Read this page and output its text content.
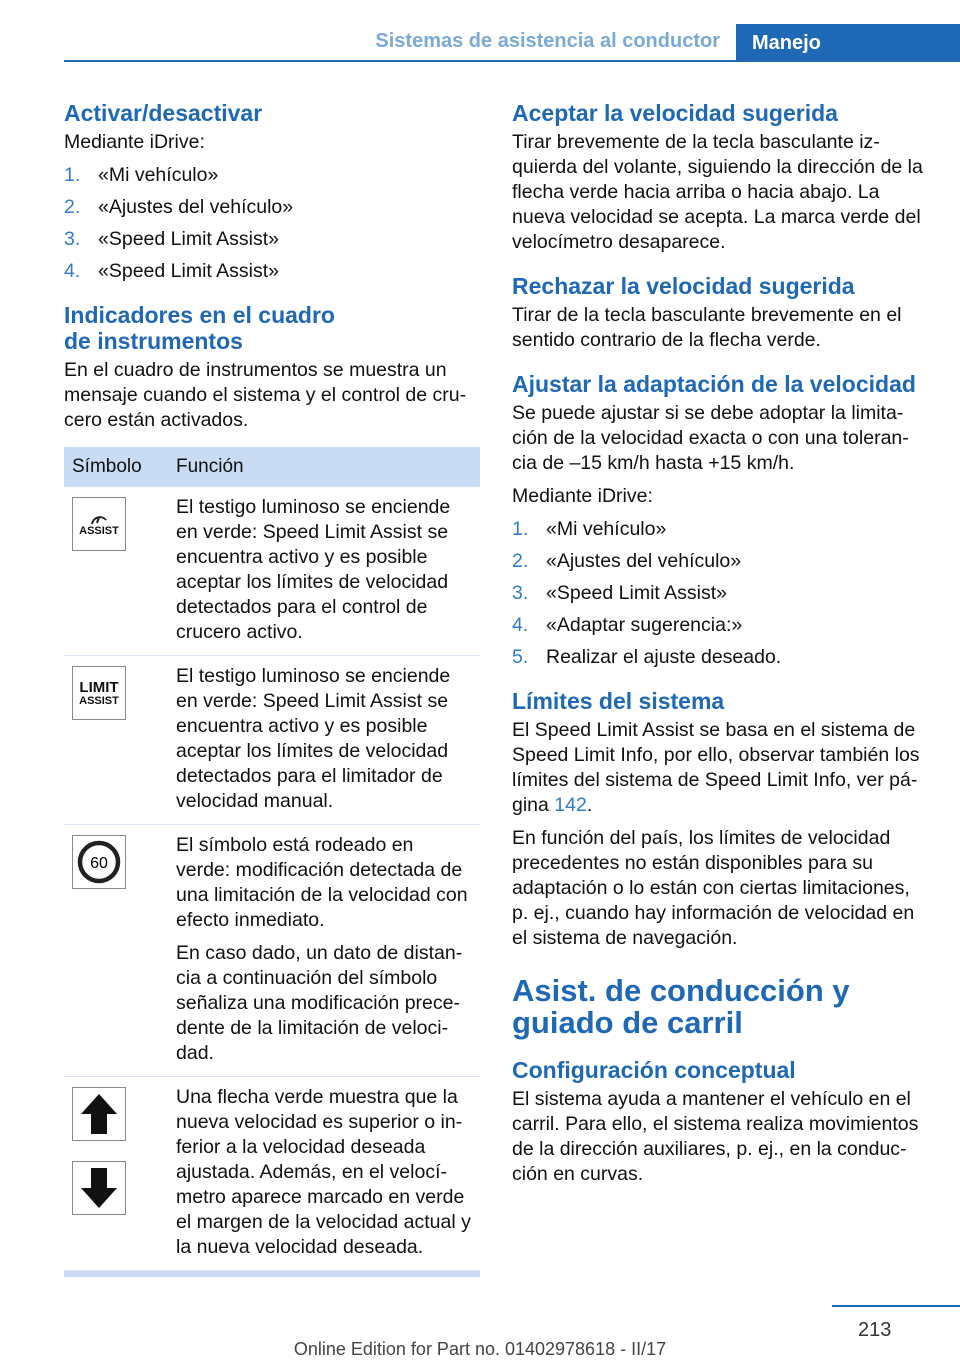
Sistemas de asistencia al conductor	Manejo
Activar/desactivar

Mediante iDrive:

1. «Mi vehículo»
2. «Ajustes del vehículo»
3. «Speed Limit Assist»
4. «Speed Limit Assist»
Indicadores en el cuadro
de instrumentos

En el cuadro de instrumentos se muestra un mensaje cuando el sistema y el control de cru-cero están activados.

Símbolo	Función

ASSIST	El testigo luminoso se enciende en verde: Speed Limit Assist se encuentra activo y es posible aceptar los límites de velocidad detectados para el control de crucero activo.

LIMIT
ASSIST	El testigo luminoso se enciende en verde: Speed Limit Assist se encuentra activo y es posible aceptar los límites de velocidad detectados para el limitador de velocidad manual.

60	El símbolo está rodeado en verde: modificación detectada de una limitación de la velocidad con efecto inmediato.

En caso dado, un dato de distan-cia a continuación del símbolo señaliza una modificación prece-dente de la limitación de veloci-dad.

Una flecha verde muestra que la nueva velocidad es superior o in-ferior a la velocidad deseada ajustada. Además, en el velocí-metro aparece marcado en verde el margen de la velocidad actual y la nueva velocidad deseada.

Aceptar la velocidad sugerida

Tirar brevemente de la tecla basculante iz-quierda del volante, siguiendo la dirección de la flecha verde hacia arriba o hacia abajo. La nueva velocidad se acepta. La marca verde del velocímetro desaparece.

Rechazar la velocidad sugerida

Tirar de la tecla basculante brevemente en el sentido contrario de la flecha verde.

Ajustar la adaptación de la velocidad

Se puede ajustar si se debe adoptar la limita-ción de la velocidad exacta o con una toleran-cia de –15 km/h hasta +15 km/h.

Mediante iDrive:

1. «Mi vehículo»
2. «Ajustes del vehículo»
3. «Speed Limit Assist»
4. «Adaptar sugerencia:»
5. Realizar el ajuste deseado.
Límites del sistema

El Speed Limit Assist se basa en el sistema de Speed Limit Info, por ello, observar también los límites del sistema de Speed Limit Info, ver pá-gina 142.

En función del país, los límites de velocidad precedentes no están disponibles para su adaptación o lo están con ciertas limitaciones, p. ej., cuando hay información de velocidad en el sistema de navegación.

Asist. de conducción y
guiado de carril
Configuración conceptual

El sistema ayuda a mantener el vehículo en el carril. Para ello, el sistema realiza movimientos de la dirección auxiliares, p. ej., en la conduc-ción en curvas.

213
Online Edition for Part no. 01402978618 - II/17
